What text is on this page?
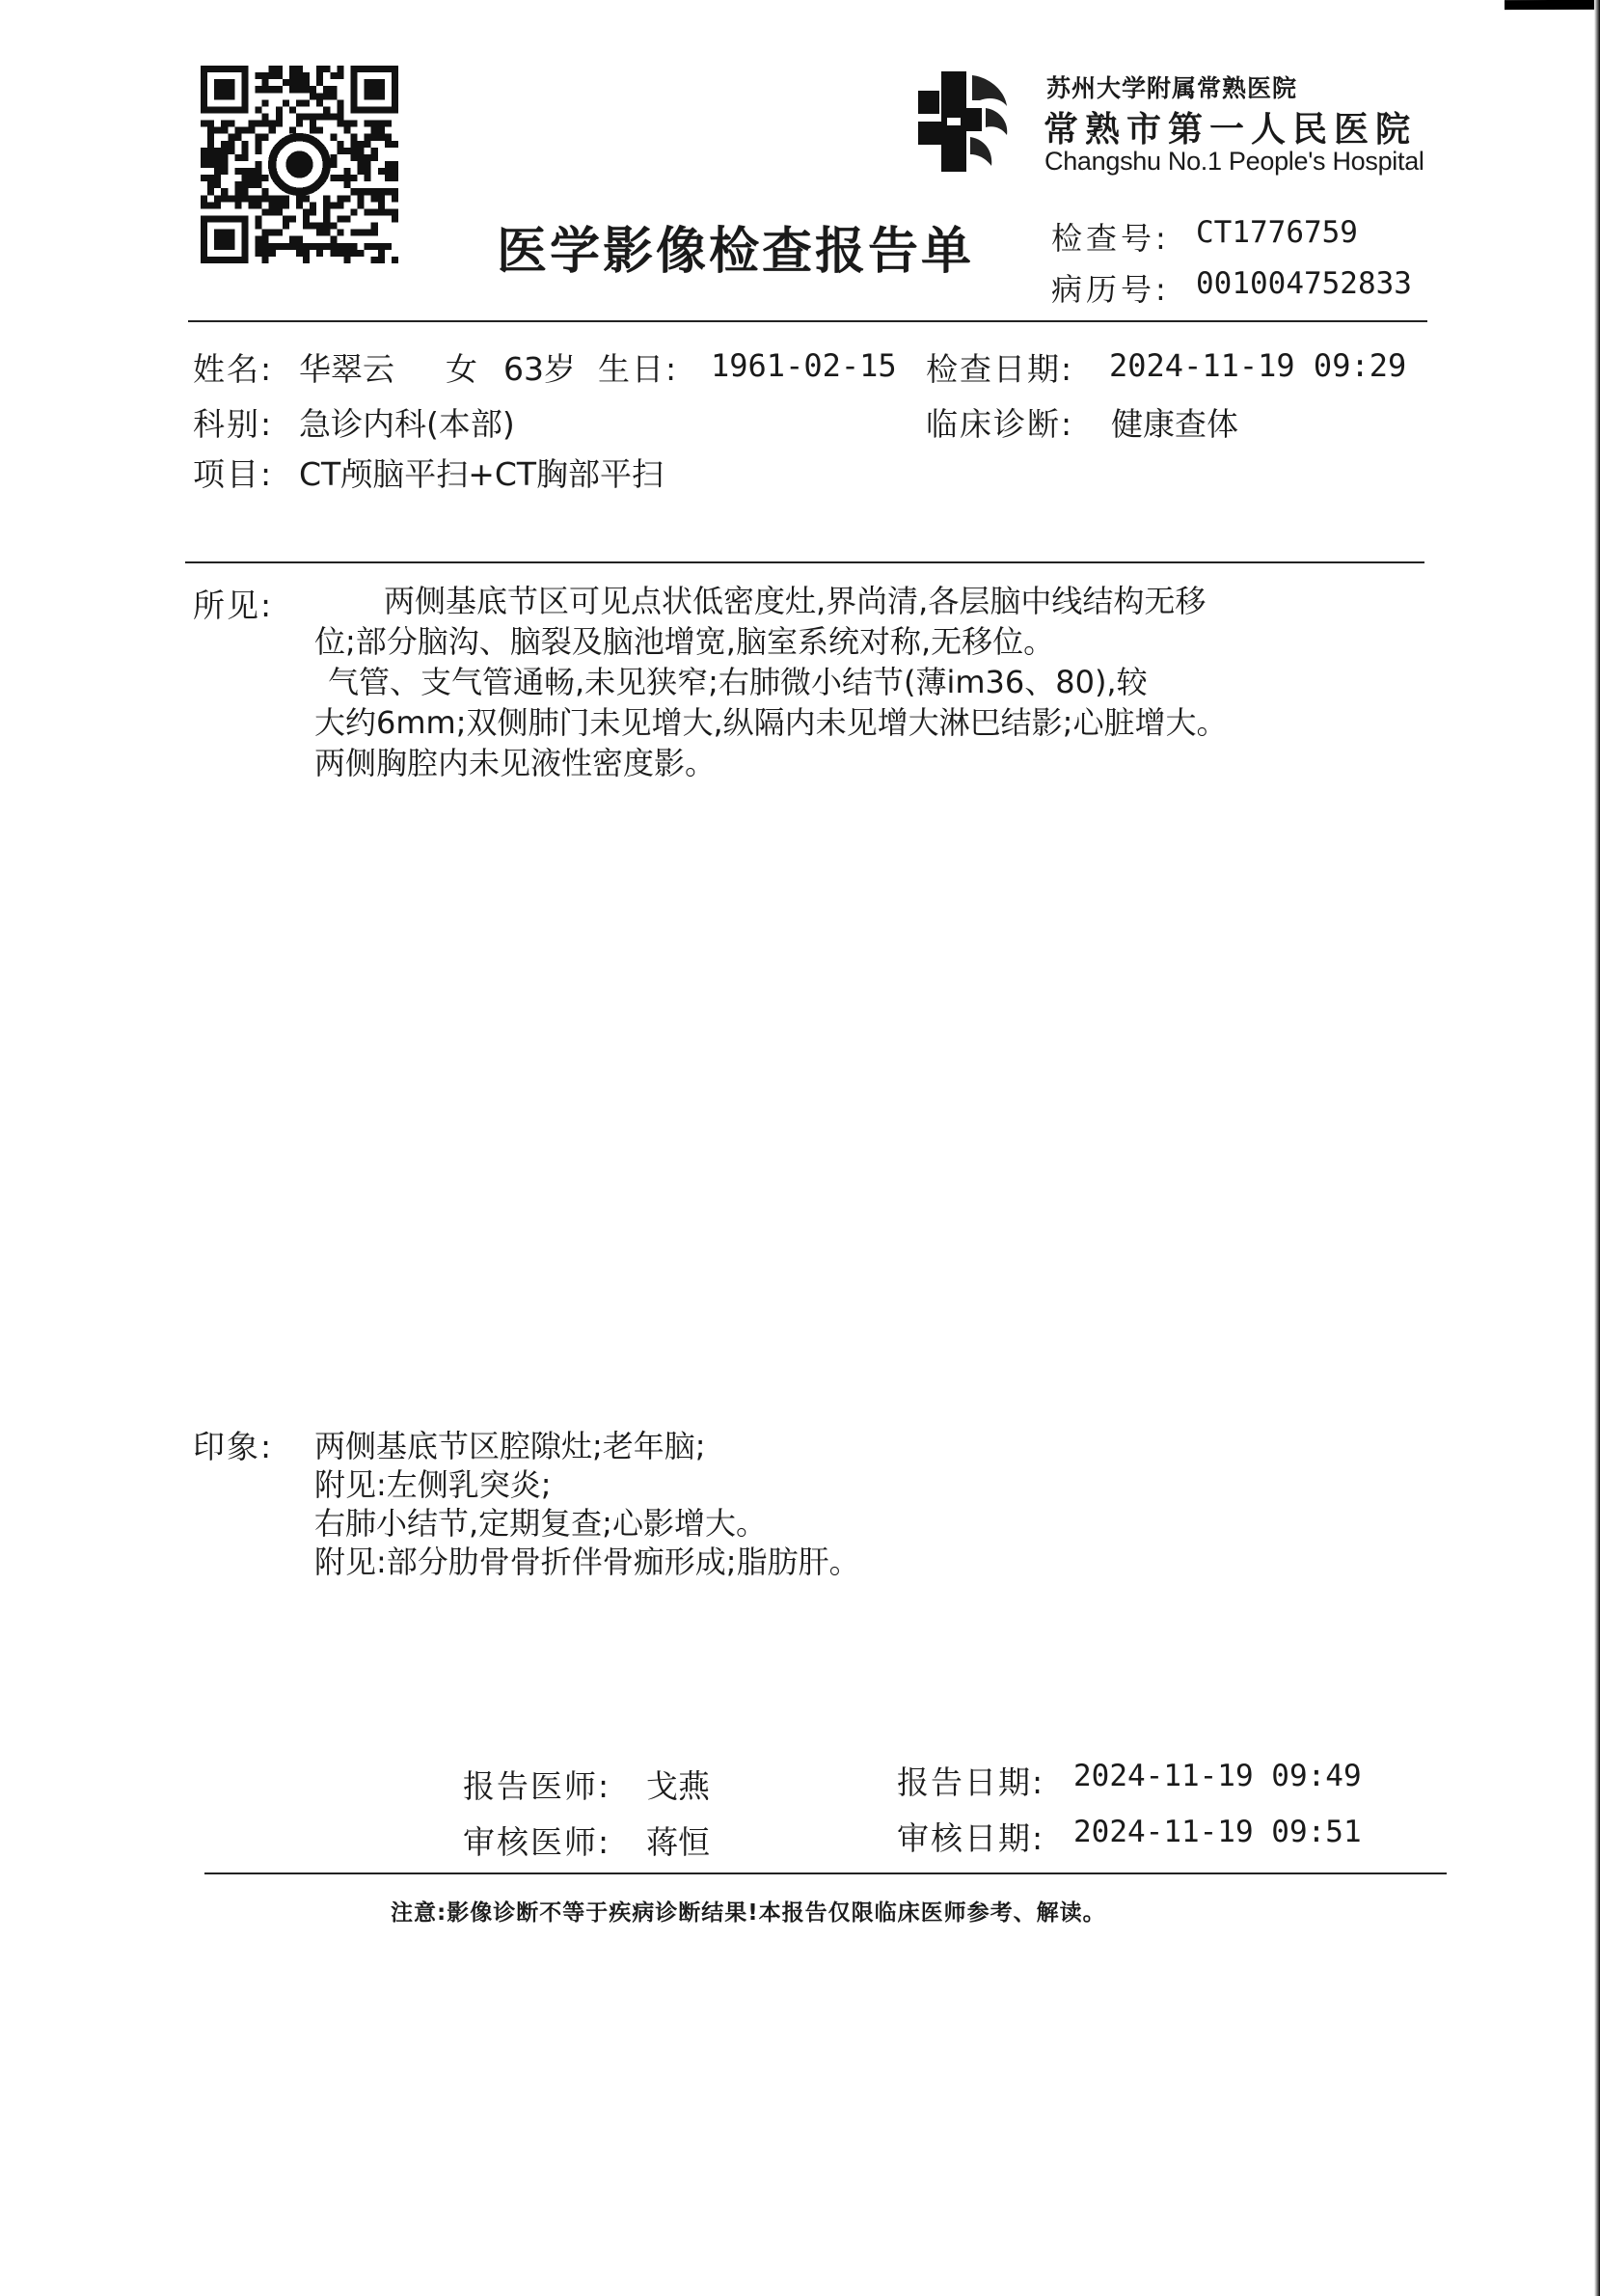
苏州大学附属常熟医院
常熟市第一人民医院
Changshu No.1 People's Hospital
医学影像检查报告单 检查号: CT1776759
病历号: 001004752833
姓名: 华翠云 女 63岁 生日: 1961-02-15 检查日期: 2024-11-19 09:29
科别: 急诊内科(本部)	临床诊断: 健康查体
项目: CT颅脑平扫+CT胸部平扫
所见:	两侧基底节区可见点状低密度灶,界尚清,各层脑中线结构无移
位;部分脑沟、脑裂及脑池增宽,脑室系统对称,无移位。
气管、支气管通畅,未见狭窄;右肺微小结节(薄im36、80),较
大约6mm;双侧肺门未见增大,纵隔内未见增大淋巴结影;心脏增大。
两侧胸腔内未见液性密度影。
印象: 两侧基底节区腔隙灶;老年脑;
附见:左侧乳突炎;
右肺小结节,定期复查;心影增大。
附见:部分肋骨骨折伴骨痂形成;脂肪肝。
报告医师: 戈燕	报告日期: 2024-11-19 09:49
审核医师: 蒋恒	审核日期: 2024-11-19 09:51
注意:影像诊断不等于疾病诊断结果!本报告仅限临床医师参考、解读。
